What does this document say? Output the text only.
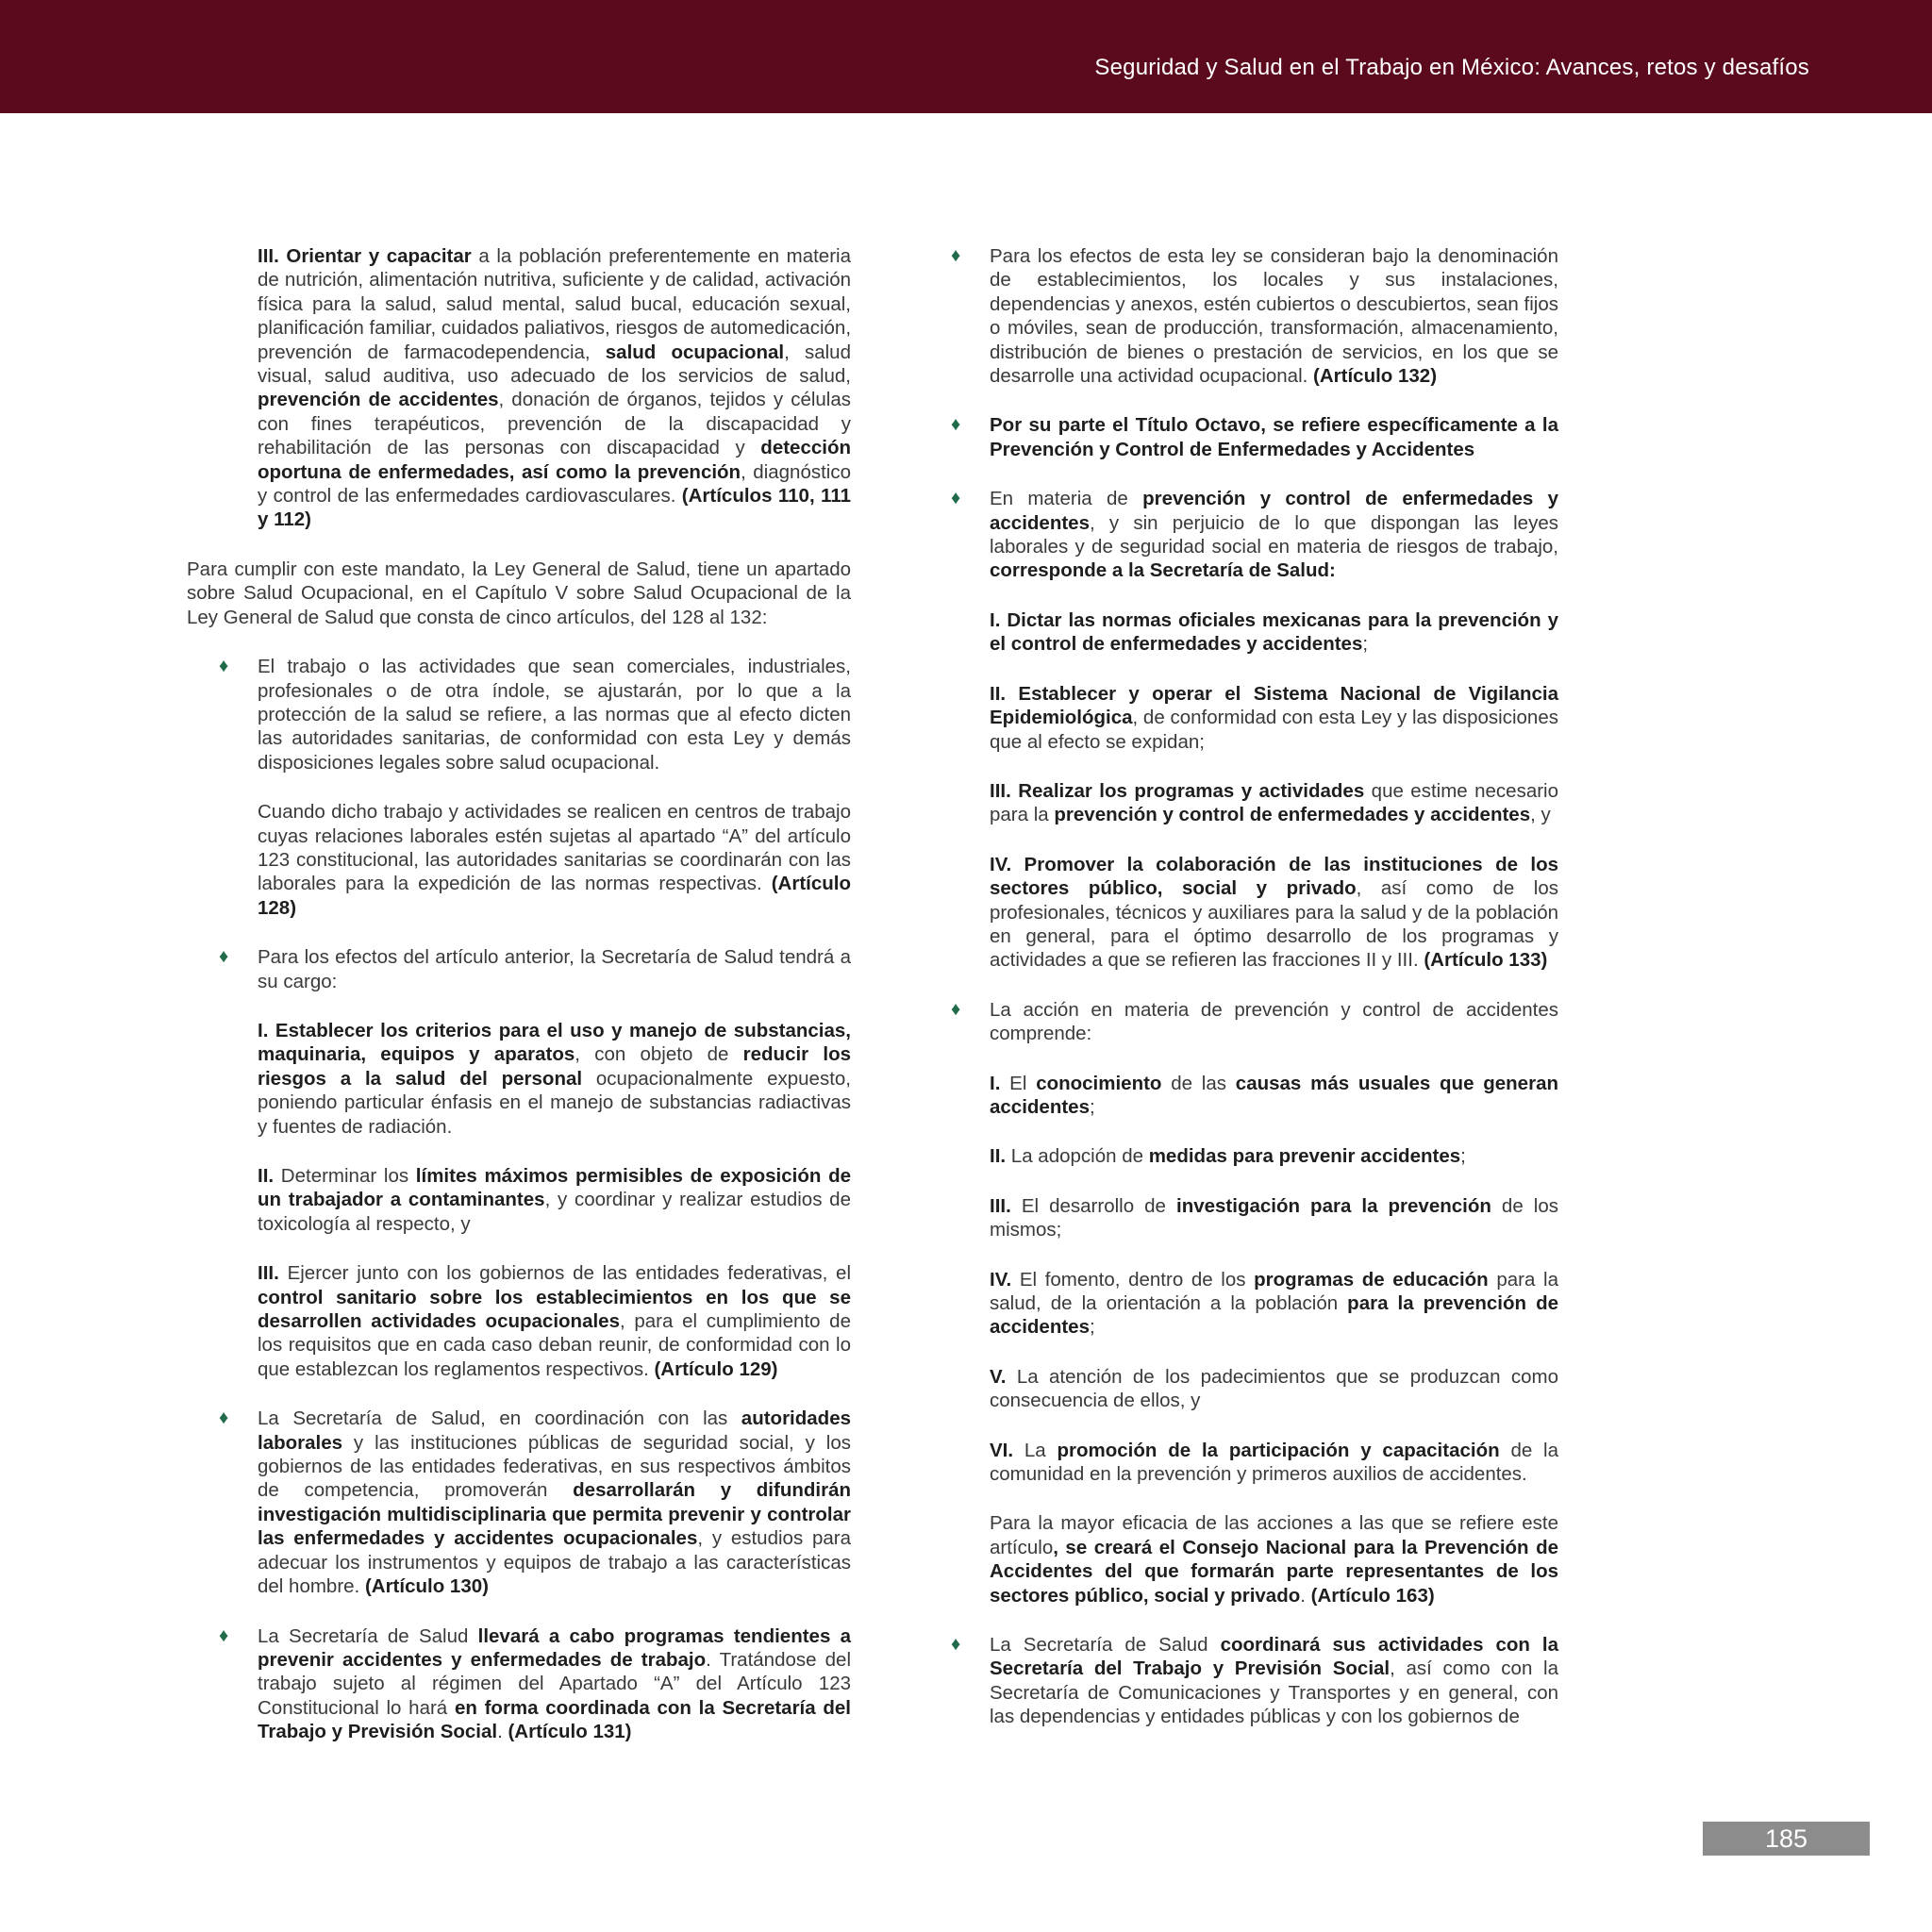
Seguridad y Salud en el Trabajo en México: Avances, retos y desafíos

III. Orientar y capacitar a la población preferentemente en materia de nutrición, alimentación nutritiva, suficiente y de calidad, activación física para la salud, salud mental, salud bucal, educación sexual, planificación familiar, cuidados paliativos, riesgos de automedicación, prevención de farmacodependencia, salud ocupacional, salud visual, salud auditiva, uso adecuado de los servicios de salud, prevención de accidentes, donación de órganos, tejidos y células con fines terapéuticos, prevención de la discapacidad y rehabilitación de las personas con discapacidad y detección oportuna de enfermedades, así como la prevención, diagnóstico y control de las enfermedades cardiovasculares. (Artículos 110, 111 y 112)

Para cumplir con este mandato, la Ley General de Salud, tiene un apartado sobre Salud Ocupacional, en el Capítulo V sobre Salud Ocupacional de la Ley General de Salud que consta de cinco artículos, del 128 al 132:

♦ El trabajo o las actividades que sean comerciales, industriales, profesionales o de otra índole, se ajustarán, por lo que a la protección de la salud se refiere, a las normas que al efecto dicten las autoridades sanitarias, de conformidad con esta Ley y demás disposiciones legales sobre salud ocupacional.

Cuando dicho trabajo y actividades se realicen en centros de trabajo cuyas relaciones laborales estén sujetas al apartado “A” del artículo 123 constitucional, las autoridades sanitarias se coordinarán con las laborales para la expedición de las normas respectivas. (Artículo 128)

♦ Para los efectos del artículo anterior, la Secretaría de Salud tendrá a su cargo:

I. Establecer los criterios para el uso y manejo de substancias, maquinaria, equipos y aparatos, con objeto de reducir los riesgos a la salud del personal ocupacionalmente expuesto, poniendo particular énfasis en el manejo de substancias radiactivas y fuentes de radiación.

II. Determinar los límites máximos permisibles de exposición de un trabajador a contaminantes, y coordinar y realizar estudios de toxicología al respecto, y

III. Ejercer junto con los gobiernos de las entidades federativas, el control sanitario sobre los establecimientos en los que se desarrollen actividades ocupacionales, para el cumplimiento de los requisitos que en cada caso deban reunir, de conformidad con lo que establezcan los reglamentos respectivos. (Artículo 129)

♦ La Secretaría de Salud, en coordinación con las autoridades laborales y las instituciones públicas de seguridad social, y los gobiernos de las entidades federativas, en sus respectivos ámbitos de competencia, promoverán desarrollarán y difundirán investigación multidisciplinaria que permita prevenir y controlar las enfermedades y accidentes ocupacionales, y estudios para adecuar los instrumentos y equipos de trabajo a las características del hombre. (Artículo 130)

♦ La Secretaría de Salud llevará a cabo programas tendientes a prevenir accidentes y enfermedades de trabajo. Tratándose del trabajo sujeto al régimen del Apartado “A” del Artículo 123 Constitucional lo hará en forma coordinada con la Secretaría del Trabajo y Previsión Social. (Artículo 131)

♦ Para los efectos de esta ley se consideran bajo la denominación de establecimientos, los locales y sus instalaciones, dependencias y anexos, estén cubiertos o descubiertos, sean fijos o móviles, sean de producción, transformación, almacenamiento, distribución de bienes o prestación de servicios, en los que se desarrolle una actividad ocupacional. (Artículo 132)

♦ Por su parte el Título Octavo, se refiere específicamente a la Prevención y Control de Enfermedades y Accidentes

♦ En materia de prevención y control de enfermedades y accidentes, y sin perjuicio de lo que dispongan las leyes laborales y de seguridad social en materia de riesgos de trabajo, corresponde a la Secretaría de Salud:

I. Dictar las normas oficiales mexicanas para la prevención y el control de enfermedades y accidentes;

II. Establecer y operar el Sistema Nacional de Vigilancia Epidemiológica, de conformidad con esta Ley y las disposiciones que al efecto se expidan;

III. Realizar los programas y actividades que estime necesario para la prevención y control de enfermedades y accidentes, y

IV. Promover la colaboración de las instituciones de los sectores público, social y privado, así como de los profesionales, técnicos y auxiliares para la salud y de la población en general, para el óptimo desarrollo de los programas y actividades a que se refieren las fracciones II y III. (Artículo 133)

♦ La acción en materia de prevención y control de accidentes comprende:

I. El conocimiento de las causas más usuales que generan accidentes;

II. La adopción de medidas para prevenir accidentes;

III. El desarrollo de investigación para la prevención de los mismos;

IV. El fomento, dentro de los programas de educación para la salud, de la orientación a la población para la prevención de accidentes;

V. La atención de los padecimientos que se produzcan como consecuencia de ellos, y

VI. La promoción de la participación y capacitación de la comunidad en la prevención y primeros auxilios de accidentes.

Para la mayor eficacia de las acciones a las que se refiere este artículo, se creará el Consejo Nacional para la Prevención de Accidentes del que formarán parte representantes de los sectores público, social y privado. (Artículo 163)

♦ La Secretaría de Salud coordinará sus actividades con la Secretaría del Trabajo y Previsión Social, así como con la Secretaría de Comunicaciones y Transportes y en general, con las dependencias y entidades públicas y con los gobiernos de

185
